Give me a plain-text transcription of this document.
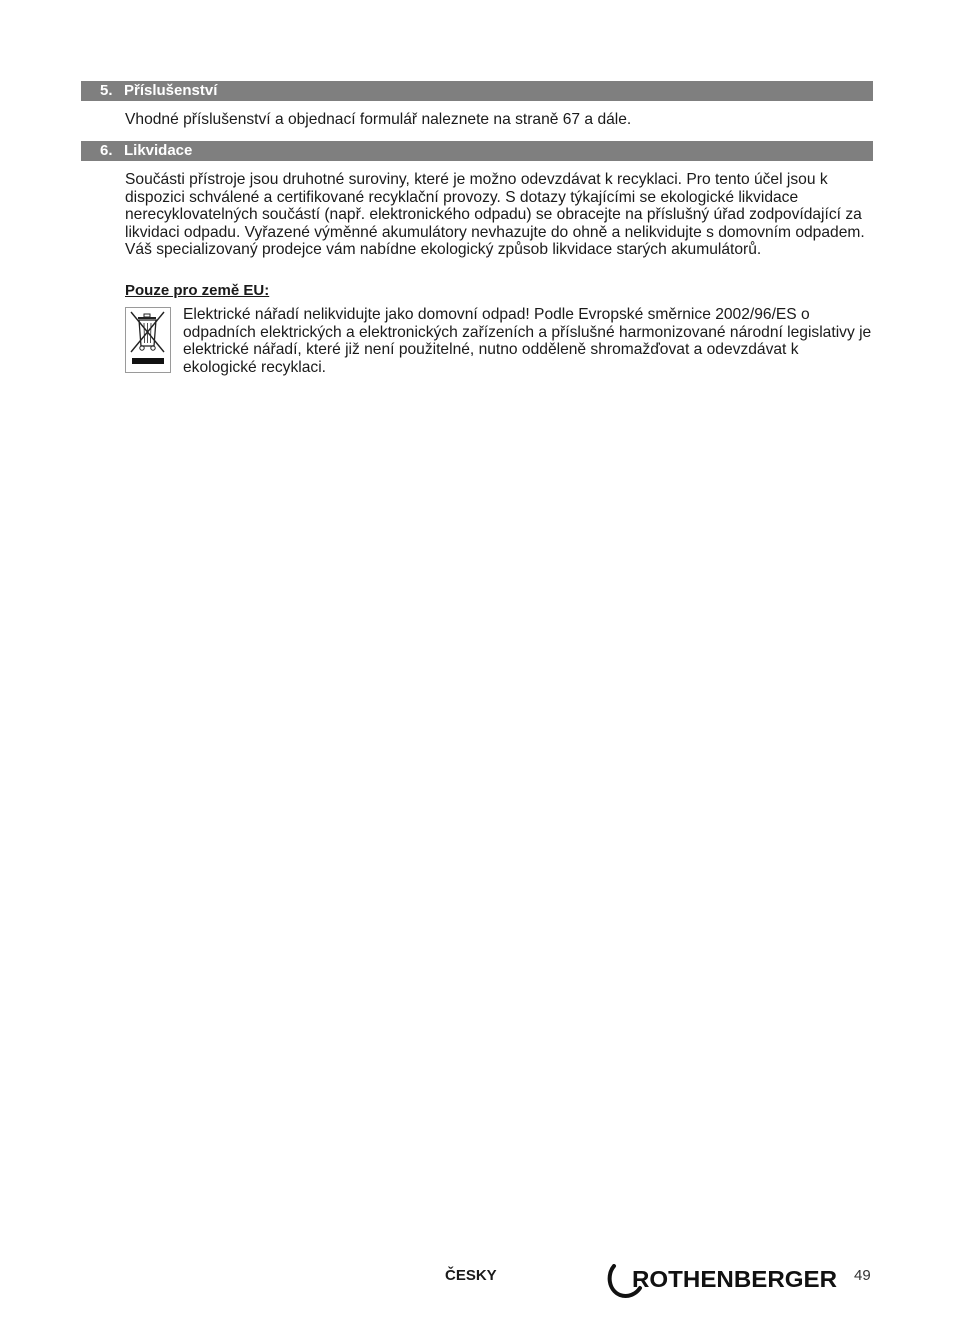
5. Příslušenství

Vhodné příslušenství a objednací formulář naleznete na straně 67 a dále.

6. Likvidace

Součásti přístroje jsou druhotné suroviny, které je možno odevzdávat k recyklaci. Pro tento účel jsou k dispozici schválené a certifikované recyklační provozy. S dotazy týkajícími se ekologické likvidace nerecyklovatelných součástí (např. elektronického odpadu) se obracejte na příslušný úřad zodpovídající za likvidaci odpadu. Vyřazené výměnné akumulátory nevhazujte do ohně a nelikvidujte s domovním odpadem. Váš specializovaný prodejce vám nabídne ekologický způsob likvidace starých akumulátorů.

Pouze pro země EU:

Elektrické nářadí nelikvidujte jako domovní odpad! Podle Evropské směrnice 2002/96/ES o odpadních elektrických a elektronických zařízeních a příslušné harmonizované národní legislativy je elektrické nářadí, které již není použitelné, nutno odděleně shromažďovat a odevzdávat k ekologické recyklaci.

ČESKY	ROTHENBERGER 49
